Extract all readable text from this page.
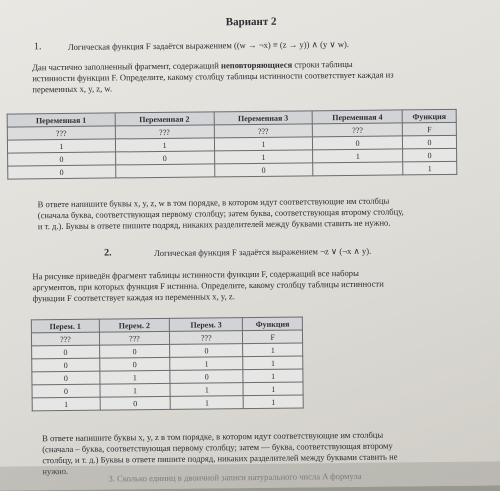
Вариант 2
1.	Логическая функция F задаётся выражением ((w → ¬x) ≡ (z → y)) ∧ (y ∨ w).
Дан частично заполненный фрагмент, содержащий неповторяющиеся строки таблицы
истинности функции F. Определите, какому столбцу таблицы истинности соответствует каждая из
переменных x, y, z, w.
Переменная 1	Переменная 2	Переменная 3	Переменная 4	Функция
???	???	???	???	F
1	1	1	0	0
0	0	1	1	0
0		0		1
В ответе напишите буквы x, y, z, w в том порядке, в котором идут соответствующие им столбцы
(сначала буква, соответствующая первому столбцу; затем буква, соответствующая второму столбцу,
и т. д.). Буквы в ответе пишите подряд, никаких разделителей между буквами ставить не нужно.
2.	Логическая функция F задаётся выражением ¬z ∨ (¬x ∧ y).
На рисунке приведён фрагмент таблицы истинности функции F, содержащий все наборы
аргументов, при которых функция F истинна. Определите, какому столбцу таблицы истинности
функции F соответствует каждая из переменных x, y, z.
Перем. 1	Перем. 2	Перем. 3	Функция
???	???	???	F
0	0	0	1
0	0	1	1
0	1	0	1
0	1	1	1
1	0	1	1
В ответе напишите буквы x, y, z в том порядке, в котором идут соответствующие им столбцы
(сначала – буква, соответствующая первому столбцу; затем — буква, соответствующая второму
столбцу, и т. д.) Буквы в ответе пишите подряд, никаких разделителей между буквами ставить не
нужно.	3. Сколько единиц в двоичной записи натурального числа A формула
